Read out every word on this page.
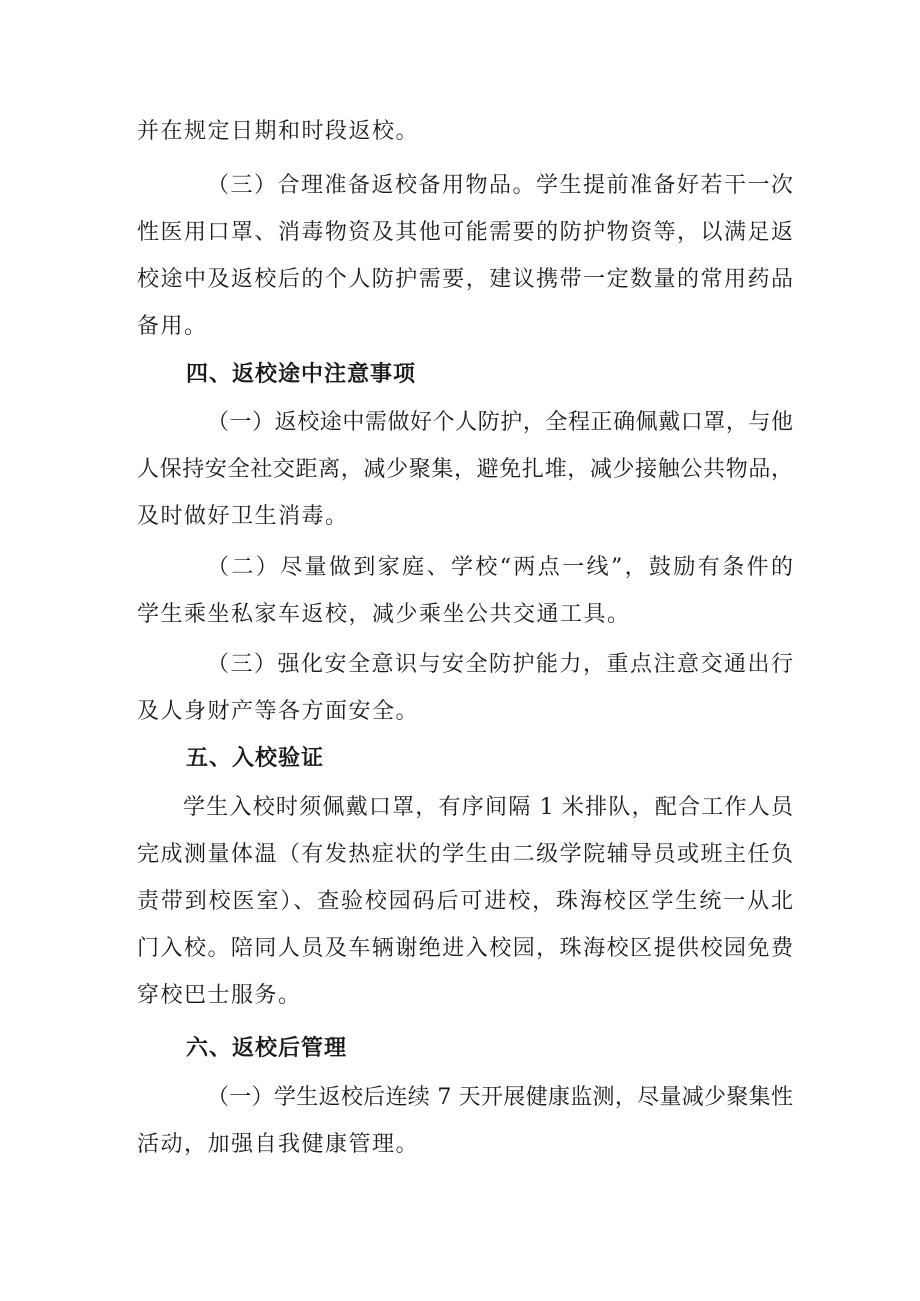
并在规定日期和时段返校。
（三）合理准备返校备用物品。学生提前准备好若干一次
性医用口罩、消毒物资及其他可能需要的防护物资等，以满足返
校途中及返校后的个人防护需要，建议携带一定数量的常用药品
备用。
四、返校途中注意事项
（一）返校途中需做好个人防护，全程正确佩戴口罩，与他
人保持安全社交距离，减少聚集，避免扎堆，减少接触公共物品，
及时做好卫生消毒。
（二）尽量做到家庭、学校“两点一线”，鼓励有条件的
学生乘坐私家车返校，减少乘坐公共交通工具。
（三）强化安全意识与安全防护能力，重点注意交通出行
及人身财产等各方面安全。
五、入校验证
学生入校时须佩戴口罩，有序间隔 1 米排队，配合工作人员
完成测量体温（有发热症状的学生由二级学院辅导员或班主任负
责带到校医室）、查验校园码后可进校，珠海校区学生统一从北
门入校。陪同人员及车辆谢绝进入校园，珠海校区提供校园免费
穿校巴士服务。
六、返校后管理
（一）学生返校后连续 7 天开展健康监测，尽量减少聚集性
活动，加强自我健康管理。
